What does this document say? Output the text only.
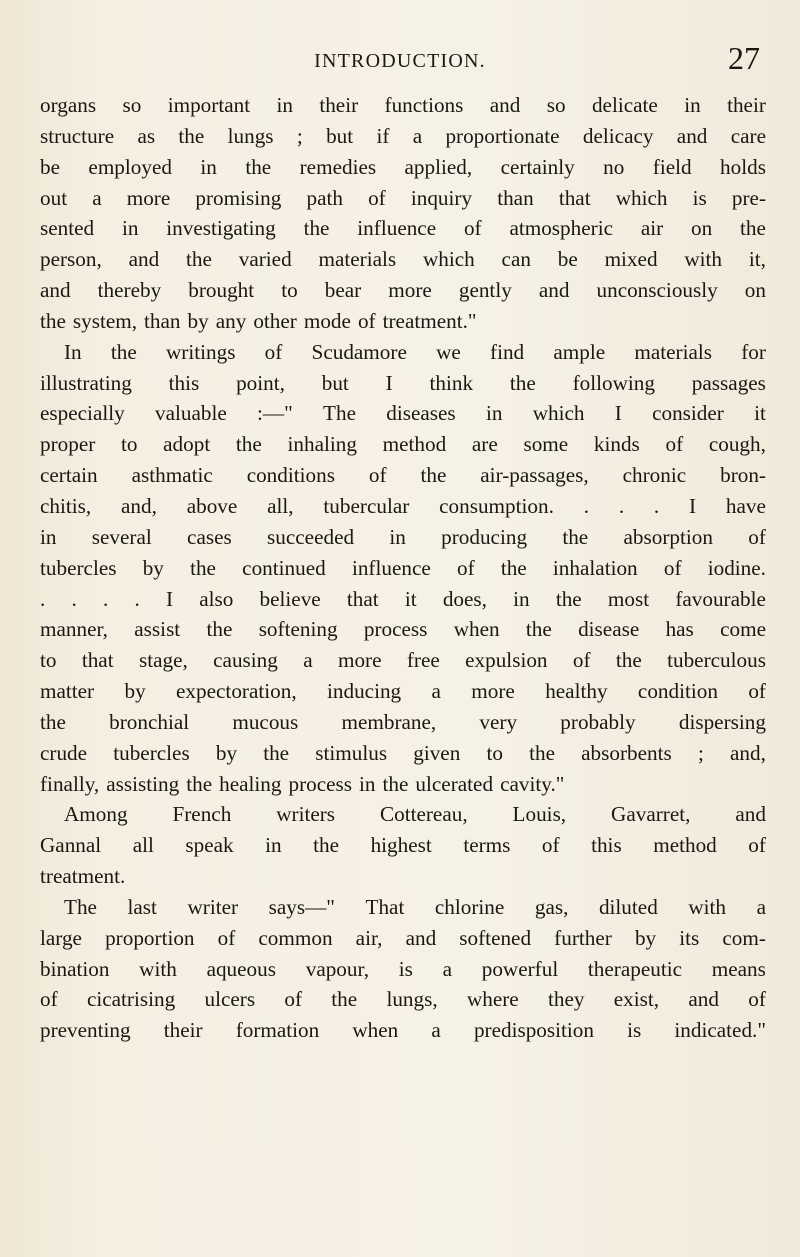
INTRODUCTION.	27
organs so important in their functions and so delicate in their
structure as the lungs ; but if a proportionate delicacy and care
be employed in the remedies applied, certainly no field holds
out a more promising path of inquiry than that which is pre-
sented in investigating the influence of atmospheric air on the
person, and the varied materials which can be mixed with it,
and thereby brought to bear more gently and unconsciously on
the system, than by any other mode of treatment."
In the writings of Scudamore we find ample materials for
illustrating this point, but I think the following passages
especially valuable :—" The diseases in which I consider it
proper to adopt the inhaling method are some kinds of cough,
certain asthmatic conditions of the air-passages, chronic bron-
chitis, and, above all, tubercular consumption. . . . I have
in several cases succeeded in producing the absorption of
tubercles by the continued influence of the inhalation of iodine.
. . . . I also believe that it does, in the most favourable
manner, assist the softening process when the disease has come
to that stage, causing a more free expulsion of the tuberculous
matter by expectoration, inducing a more healthy condition of
the bronchial mucous membrane, very probably dispersing
crude tubercles by the stimulus given to the absorbents ; and,
finally, assisting the healing process in the ulcerated cavity."
Among French writers Cottereau, Louis, Gavarret, and
Gannal all speak in the highest terms of this method of
treatment.
The last writer says—" That chlorine gas, diluted with a
large proportion of common air, and softened further by its com-
bination with aqueous vapour, is a powerful therapeutic means
of cicatrising ulcers of the lungs, where they exist, and of
preventing their formation when a predisposition is indicated."
